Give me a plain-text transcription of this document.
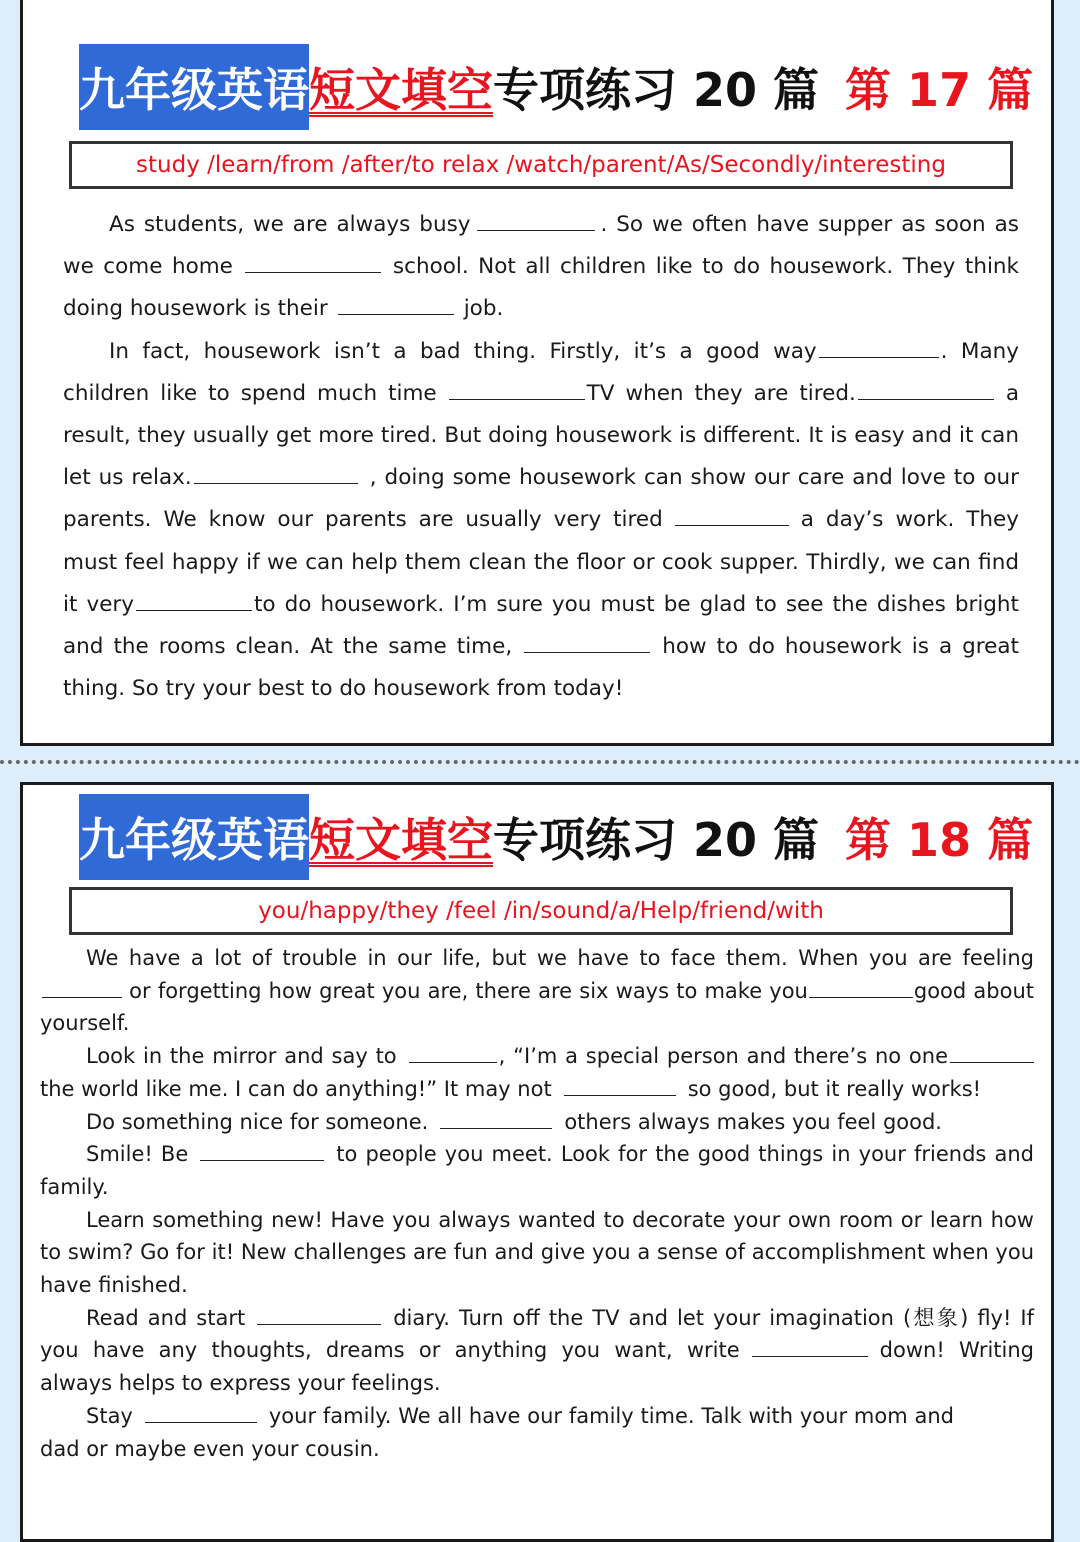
九年级英语 短文填空 专项练习 20 篇 第 17 篇
study /learn/from /after/to relax /watch/parent/As/Secondly/interesting

As students, we are always busy	. So we often have supper as soon as we come home	school. Not all children like to do housework. They think doing housework is their	job.

In fact, housework isn’t a bad thing. Firstly, it’s a good way	. Many children like to spend much time	TV when they are tired.	a result, they usually get more tired. But doing housework is different. It is easy and it can let us relax.	, doing some housework can show our care and love to our parents. We know our parents are usually very tired	a day’s work. They must feel happy if we can help them clean the floor or cook supper. Thirdly, we can find it very	to do housework. I’m sure you must be glad to see the dishes bright and the rooms clean. At the same time,	how to do housework is a great thing. So try your best to do housework from today!

九年级英语 短文填空 专项练习 20 篇 第 18 篇
you/happy/they /feel /in/sound/a/Help/friend/with

We have a lot of trouble in our life, but we have to face them. When you are feeling or forgetting how great you are, there are six ways to make you	good about yourself.

Look in the mirror and say to	, “I’m a special person and there’s no one the world like me. I can do anything!” It may not	so good, but it really works!

Do something nice for someone.	others always makes you feel good.

Smile! Be	to people you meet. Look for the good things in your friends and family.

Learn something new! Have you always wanted to decorate your own room or learn how to swim? Go for it! New challenges are fun and give you a sense of accomplishment when you have finished.

Read and start	diary. Turn off the TV and let your imagination (想象) fly! If you have any thoughts, dreams or anything you want, write	down! Writing always helps to express your feelings.

Stay	your family. We all have our family time. Talk with your mom and dad or maybe even your cousin.
